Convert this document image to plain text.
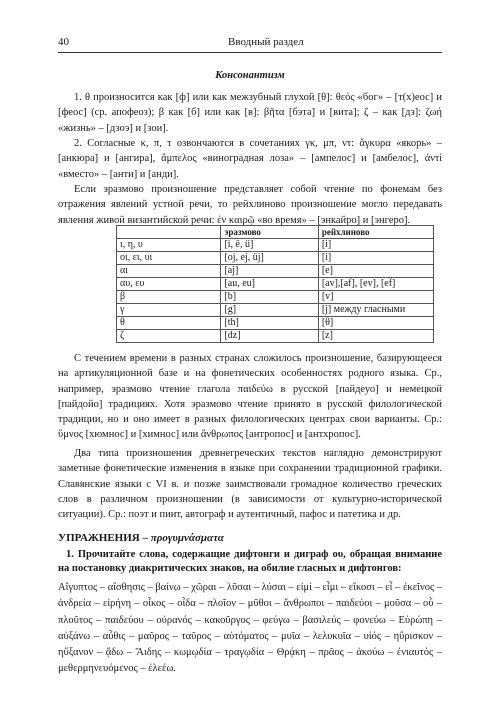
40	Вводный раздел
Консонантизм

1. θ произносится как [ф] или как межзубный глухой [θ]: θεός «бог» – [т(х)еос] и [феос] (ср. апофеоз); β как [б] или как [в]: βῆτα [бэта] и [вита]; ζ – как [дз]: ζωή «жизнь» – [дзоэ] и [зои].

2. Согласные κ, π, τ озвончаются в сочетаниях γκ, μπ, ντ: ἄγκυρα «якорь» – [анкюра] и [ангира], ἄμπελος «виноградная лоза» – [ампелос] и [амбелос], ἀντί «вместо» – [анти] и [анди].

Если эразмово произношение представляет собой чтение по фонемам без отражения явлений устной речи, то рейхлиново произношение могло передавать явления живой византийской речи: ἐν καιρῷ «во время» – [энкайро] и [энгеро].

	эразмово	рейхлиново
ι, η, υ	[i, ē, ü]	[i]
οι, ει, υι	[oj, ej, üj]	[i]
αι	[aj]	[e]
αυ, ευ	[au, eu]	[av],[af], [ev], [ef]
β	[b]	[v]
γ	[g]	[j] между гласными
θ	[th]	[θ]
ζ	[dz]	[z]

С течением времени в разных странах сложилось произношение, базирующееся на артикуляционной базе и на фонетических особенностях родного языка. Ср., например, эразмово чтение глагола παιδεύω в русской [пайдеуо] и немецкой [пайдойо] традициях. Хотя эразмово чтение принято в русской филологической традиции, но и оно имеет в разных филологических центрах свои варианты. Ср.: ὕμνος [хюмнос] и [химнос] или ἄνθρωπος [антропос] и [антхропос].

Два типа произношения древнегреческих текстов наглядно демонстрируют заметные фонетические изменения в языке при сохранении традиционной графики. Славянские языки с VI в. и позже заимствовали громадное количество греческих слов в различном произношении (в зависимости от культурно-исторической ситуации). Ср.: поэт и пиит, автограф и аутентичный, пафос и патетика и др.

УПРАЖНЕНИЯ – προγυμνάσματα

1. Прочитайте слова, содержащие дифтонги и диграф ου, обращая внимание на постановку диакритических знаков, на обилие гласных и дифтонгов:

Αἴγυπτος – αἴσθησις – βαίνω – χῶραι – λῦσαι – λύσαι – εἰμί – εἶμι – εἴκοσι – εἶ – ἐκεῖνος – ἀνδρεία – εἰρήνη – οἶκος – οἶδα – πλοῖον – μῦθοι – ἄνθρωποι – παιδεύοι – μοῦσα – οὗ – πλοῦτος – παιδεύου – οὐρανός – κακοῦργος – φεύγω – βασιλεύς – φονεύω – Εὐρώπη – αὐξάνω – αὖθις – μαῦρος – ταῦρος – αὐτόματος – μυῖα – λελυκυῖα – υἱός – ηὕρισκον – ηὔξανον – ᾄδω – Ἅιδης – κωμῳδία – τραγῳδία – Θρᾴκη – πρᾶος – ἀκούω – ἐνιαυτός – μεθερμηνευόμενος – ἐλεέω.
